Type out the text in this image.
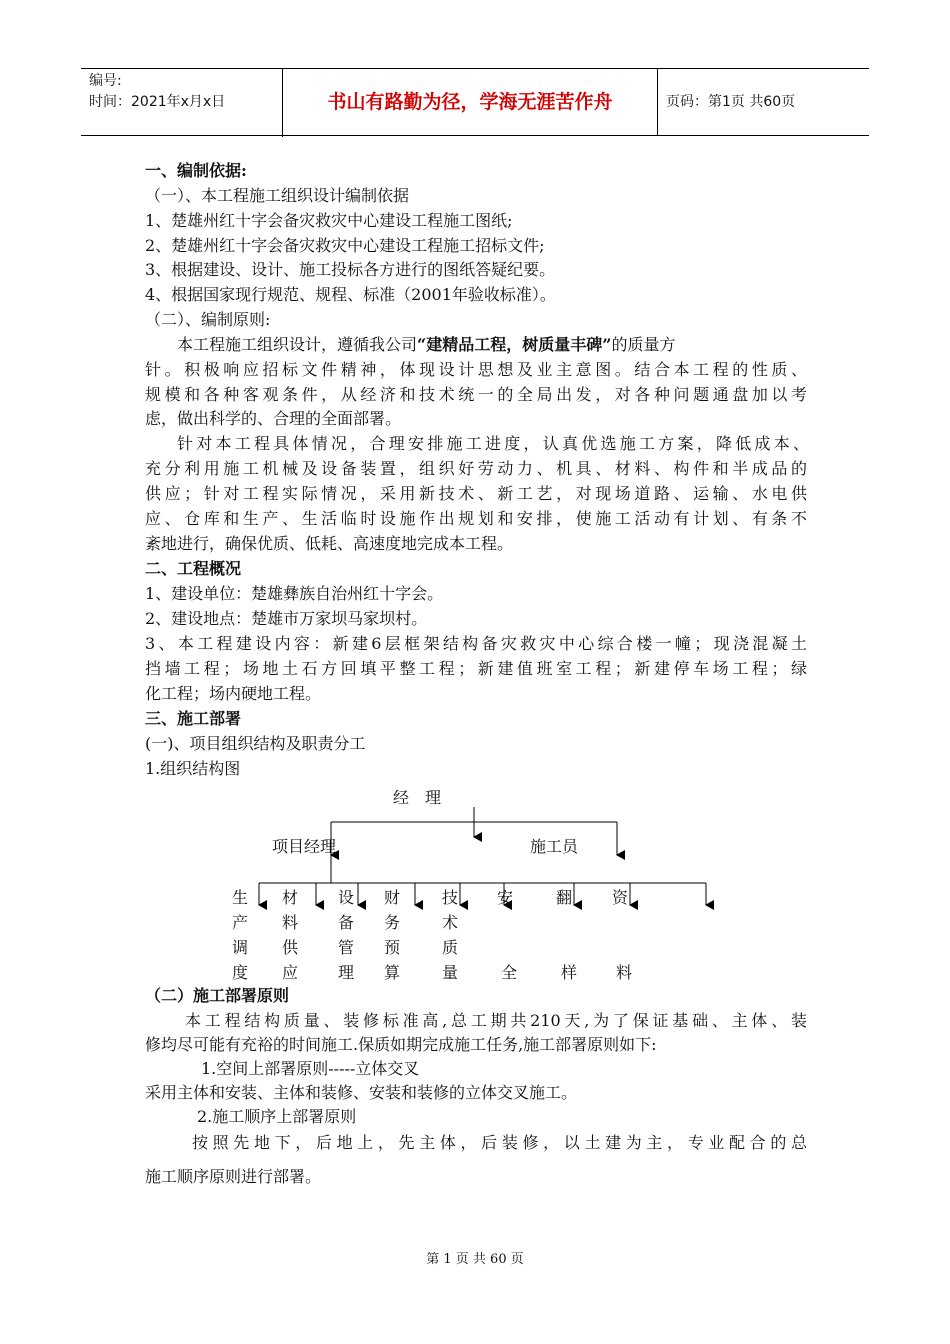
编号:
时间：2021年x月x日	书山有路勤为径，学海无涯苦作舟	页码：第1页 共60页
一、编制依据:
（一）、本工程施工组织设计编制依据
1、楚雄州红十字会备灾救灾中心建设工程施工图纸;
2、楚雄州红十字会备灾救灾中心建设工程施工招标文件;
3、根据建设、设计、施工投标各方进行的图纸答疑纪要。
4、根据国家现行规范、规程、标准（2001年验收标准）。
（二）、编制原则:
本工程施工组织设计，遵循我公司“建精品工程，树质量丰碑”的质量方
针。积极响应招标文件精神，体现设计思想及业主意图。结合本工程的性质、
规模和各种客观条件，从经济和技术统一的全局出发，对各种问题通盘加以考
虑，做出科学的、合理的全面部署。
针对本工程具体情况，合理安排施工进度，认真优选施工方案，降低成本、
充分利用施工机械及设备装置，组织好劳动力、机具、材料、构件和半成品的
供应；针对工程实际情况，采用新技术、新工艺，对现场道路、运输、水电供
应、仓库和生产、生活临时设施作出规划和安排，使施工活动有计划、有条不
紊地进行，确保优质、低耗、高速度地完成本工程。
二、工程概况
1、建设单位：楚雄彝族自治州红十字会。
2、建设地点：楚雄市万家坝马家坝村。
3、本工程建设内容：新建6层框架结构备灾救灾中心综合楼一幢；现浇混凝土
挡墙工程；场地土石方回填平整工程；新建值班室工程；新建停车场工程；绿
化工程；场内硬地工程。
三、施工部署
(一)、项目组织结构及职责分工
1.组织结构图
经　理
项目经理	施工员
生
产
调
度
材
料
供
应
设
备
管
理
财
务
预
算
技
术
质
量
安
全
翻
样
资
料
（二）施工部署原则
本工程结构质量、装修标准高,总工期共210天,为了保证基础、主体、装
修均尽可能有充裕的时间施工.保质如期完成施工任务,施工部署原则如下:
1.空间上部署原则-----立体交叉
采用主体和安装、主体和装修、安装和装修的立体交叉施工。
2.施工顺序上部署原则
按照先地下，后地上，先主体，后装修，以土建为主，专业配合的总
施工顺序原则进行部署。
第 1 页 共 60 页
